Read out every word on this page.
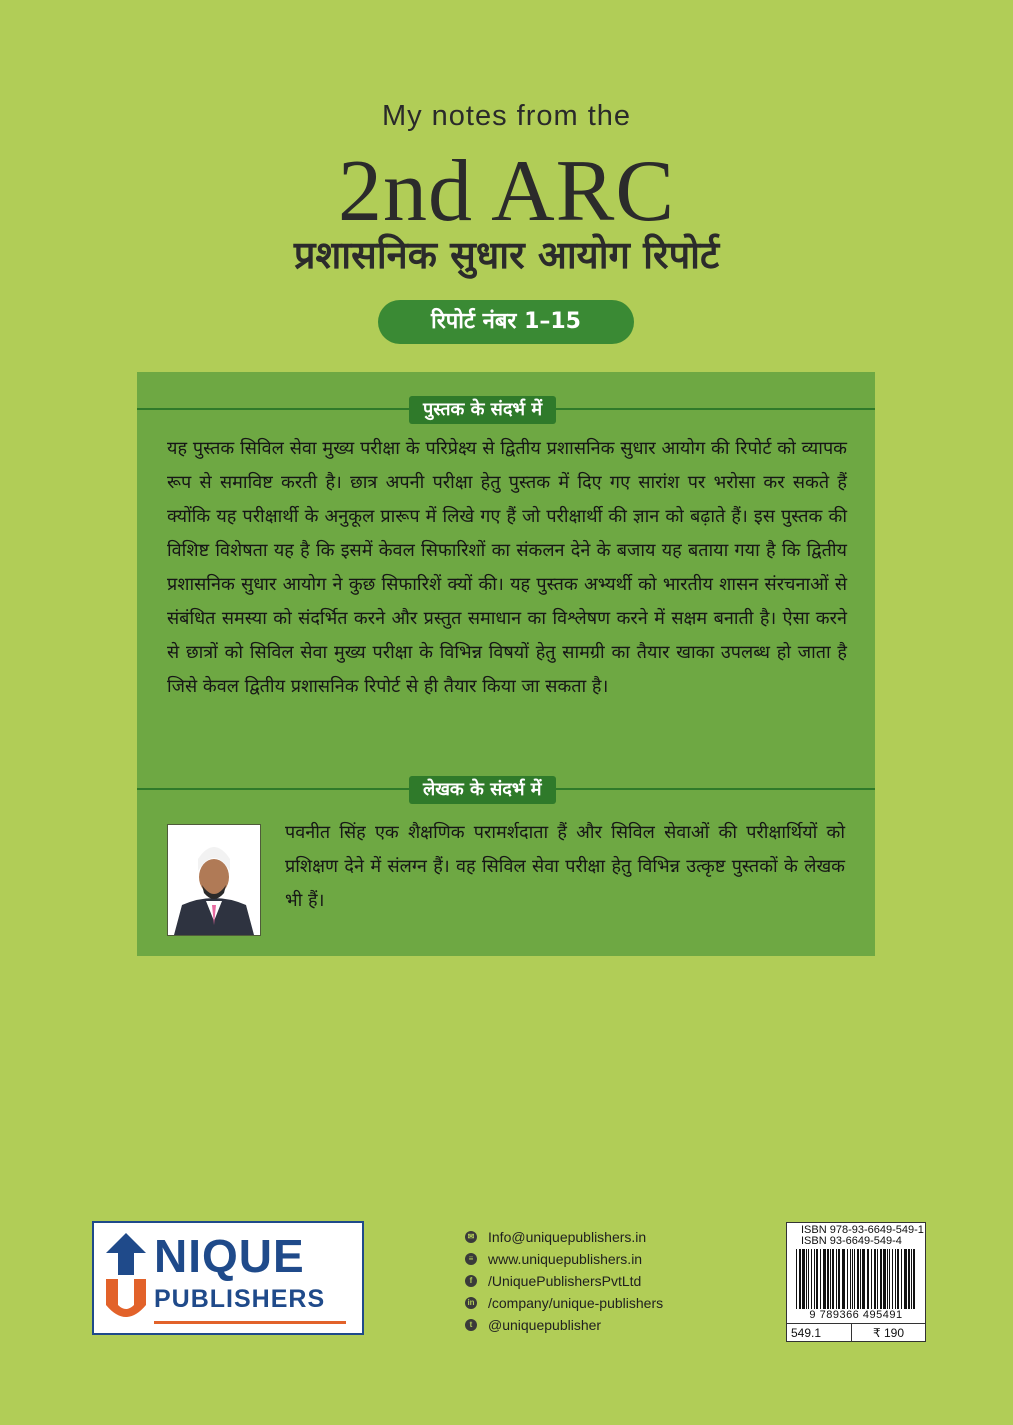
My notes from the
2nd ARC
प्रशासनिक सुधार आयोग रिपोर्ट
रिपोर्ट नंबर 1–15
पुस्तक के संदर्भ में
यह पुस्तक सिविल सेवा मुख्य परीक्षा के परिप्रेक्ष्य से द्वितीय प्रशासनिक सुधार आयोग की रिपोर्ट को व्यापक रूप से समाविष्ट करती है। छात्र अपनी परीक्षा हेतु पुस्तक में दिए गए सारांश पर भरोसा कर सकते हैं क्योंकि यह परीक्षार्थी के अनुकूल प्रारूप में लिखे गए हैं जो परीक्षार्थी की ज्ञान को बढ़ाते हैं। इस पुस्तक की विशिष्ट विशेषता यह है कि इसमें केवल सिफारिशों का संकलन देने के बजाय यह बताया गया है कि द्वितीय प्रशासनिक सुधार आयोग ने कुछ सिफारिशें क्यों की। यह पुस्तक अभ्यर्थी को भारतीय शासन संरचनाओं से संबंधित समस्या को संदर्भित करने और प्रस्तुत समाधान का विश्लेषण करने में सक्षम बनाती है। ऐसा करने से छात्रों को सिविल सेवा मुख्य परीक्षा के विभिन्न विषयों हेतु सामग्री का तैयार खाका उपलब्ध हो जाता है जिसे केवल द्वितीय प्रशासनिक रिपोर्ट से ही तैयार किया जा सकता है।
लेखक के संदर्भ में
पवनीत सिंह एक शैक्षणिक परामर्शदाता हैं और सिविल सेवाओं की परीक्षार्थियों को प्रशिक्षण देने में संलग्न हैं। वह सिविल सेवा परीक्षा हेतु विभिन्न उत्कृष्ट पुस्तकों के लेखक भी हैं।
NIQUE
PUBLISHERS
✉ Info@uniquepublishers.in
≡ www.uniquepublishers.in
f	/UniquePublishersPvtLtd
in /company/unique-publishers
t	@uniquepublisher
ISBN 978-93-6649-549-1
ISBN 93-6649-549-4
9 789366 495491
549.1	₹ 190
